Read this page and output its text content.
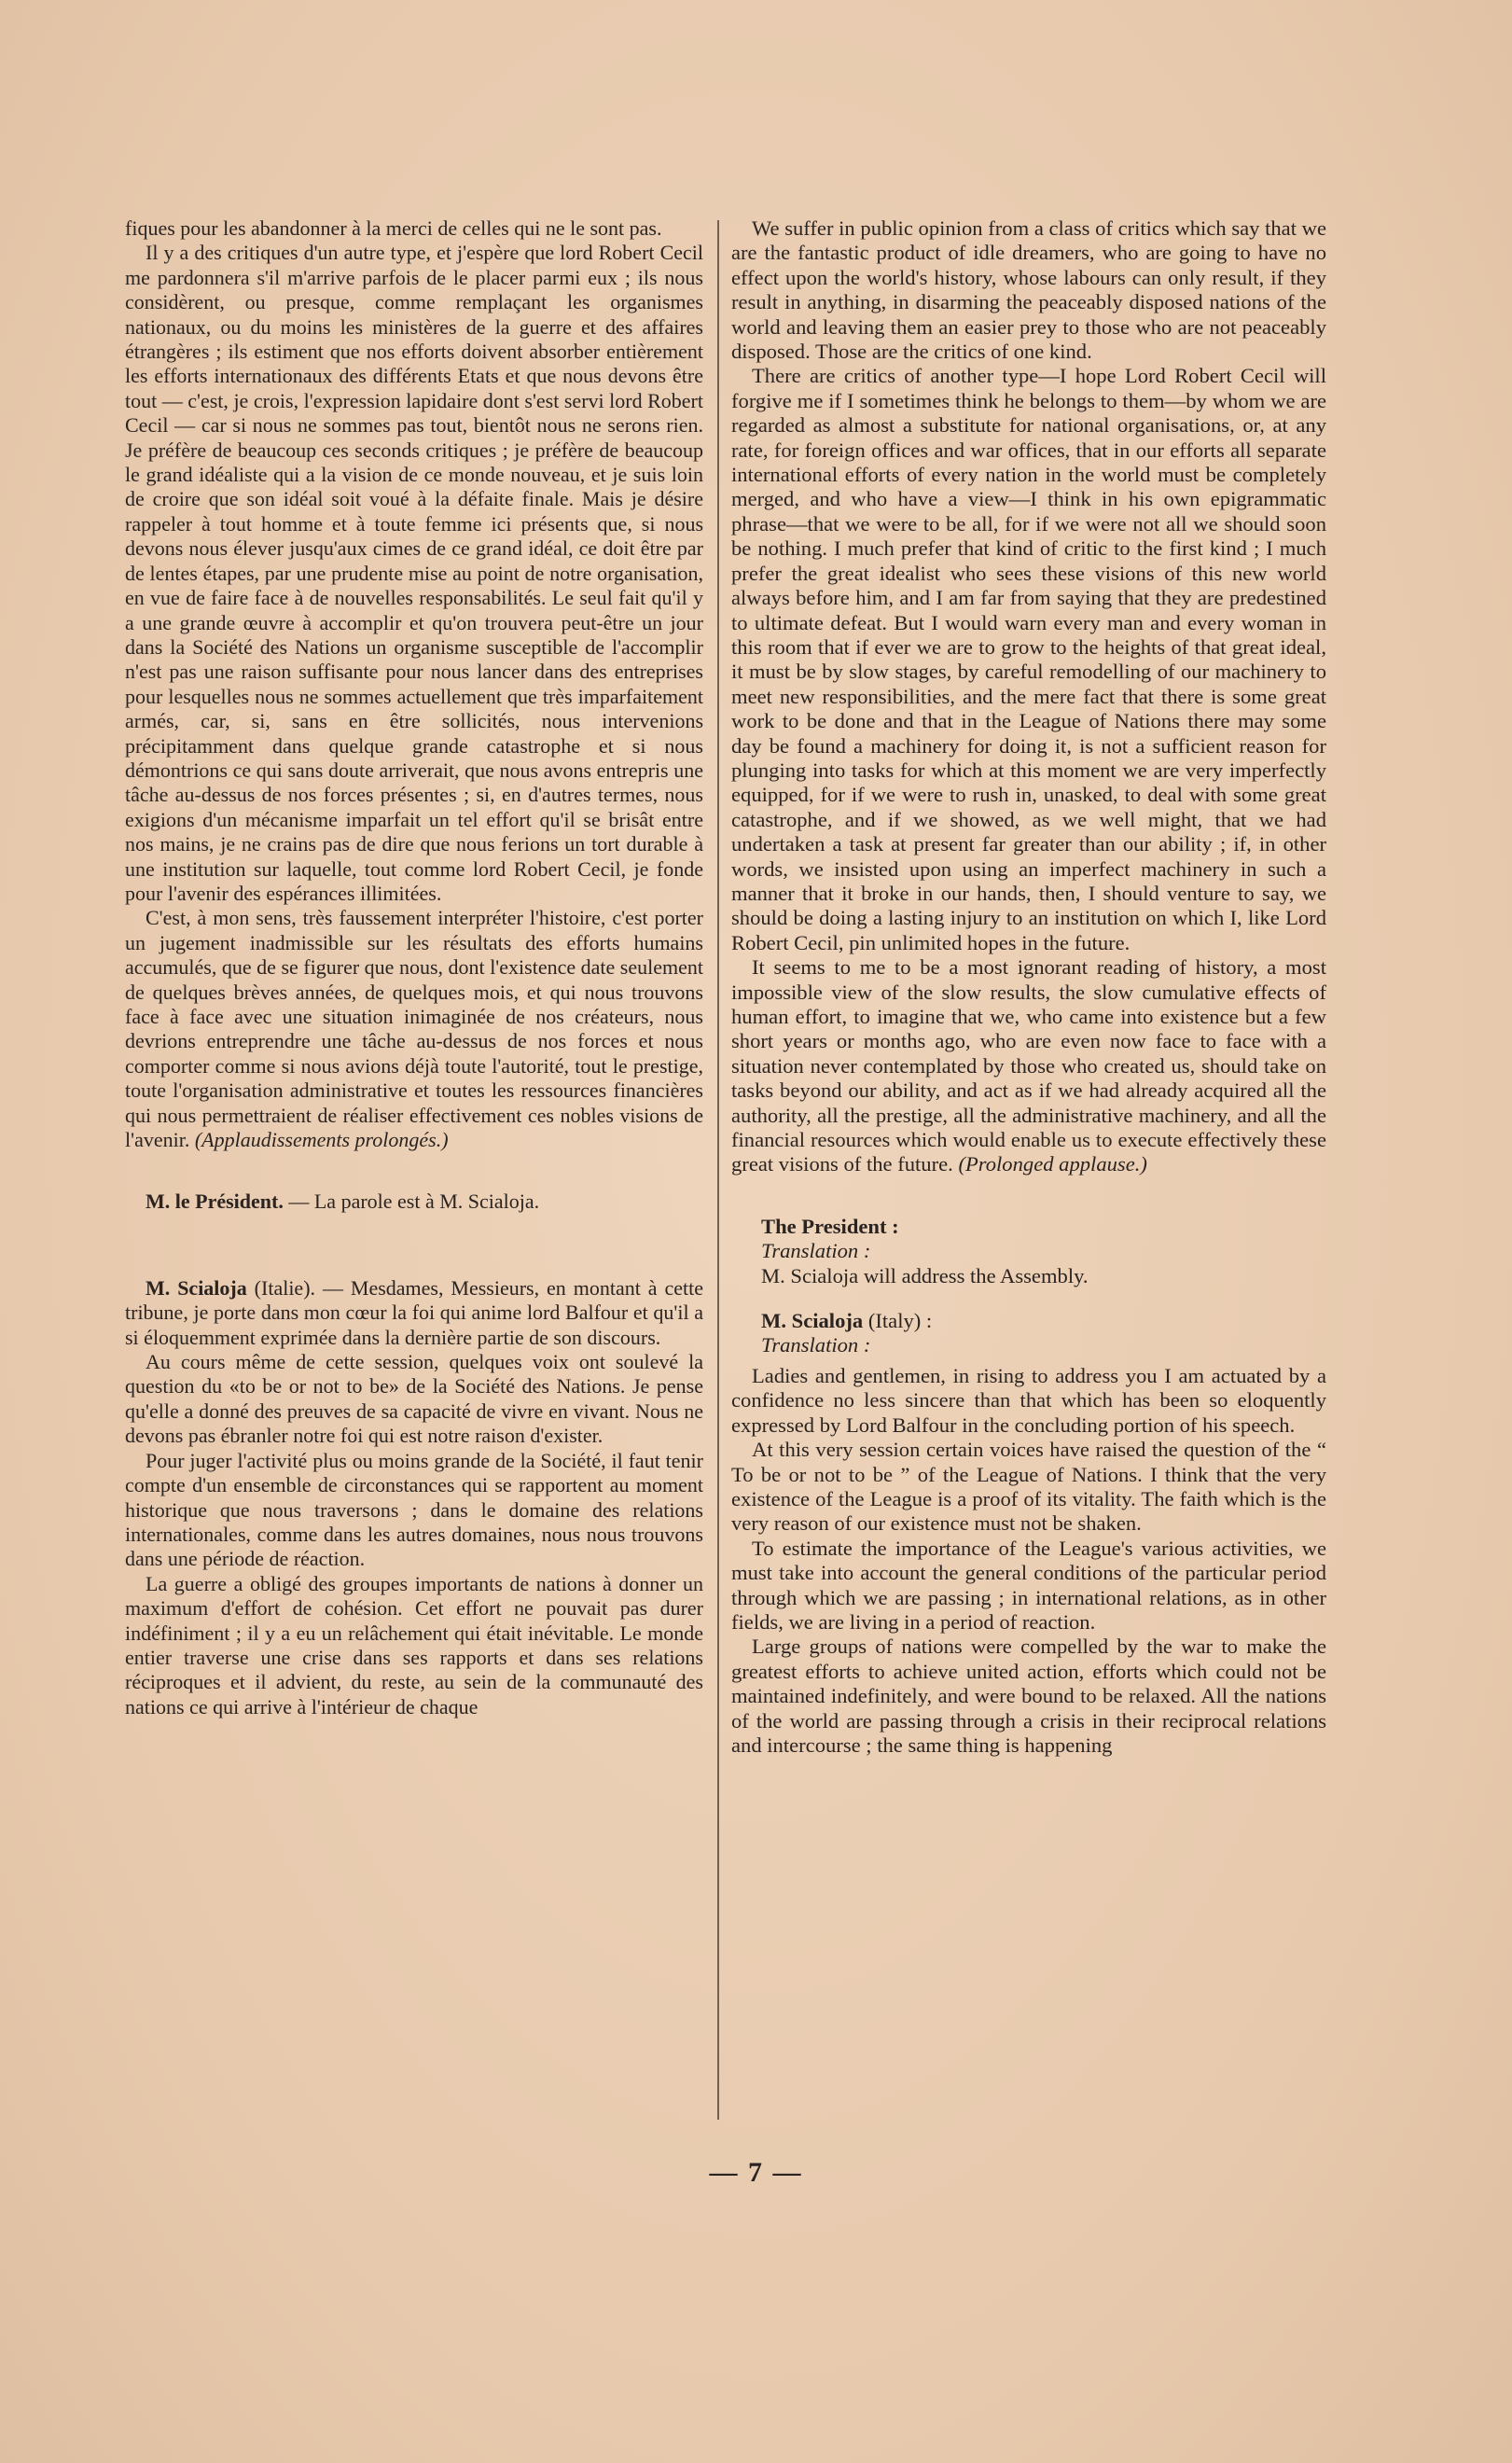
fiques pour les abandonner à la merci de celles qui ne le sont pas.

Il y a des critiques d'un autre type, et j'espère que lord Robert Cecil me pardonnera s'il m'arrive parfois de le placer parmi eux ; ils nous considèrent, ou presque, comme remplaçant les organismes nationaux, ou du moins les ministères de la guerre et des affaires étrangères ; ils estiment que nos efforts doivent absorber entièrement les efforts internationaux des différents Etats et que nous devons être tout — c'est, je crois, l'expression lapidaire dont s'est servi lord Robert Cecil — car si nous ne sommes pas tout, bientôt nous ne serons rien. Je préfère de beaucoup ces seconds critiques ; je préfère de beaucoup le grand idéaliste qui a la vision de ce monde nouveau, et je suis loin de croire que son idéal soit voué à la défaite finale. Mais je désire rappeler à tout homme et à toute femme ici présents que, si nous devons nous élever jusqu'aux cimes de ce grand idéal, ce doit être par de lentes étapes, par une prudente mise au point de notre organisation, en vue de faire face à de nouvelles responsabilités. Le seul fait qu'il y a une grande œuvre à accomplir et qu'on trouvera peut-être un jour dans la Société des Nations un organisme susceptible de l'accomplir n'est pas une raison suffisante pour nous lancer dans des entreprises pour lesquelles nous ne sommes actuellement que très imparfaitement armés, car, si, sans en être sollicités, nous intervenions précipitamment dans quelque grande catastrophe et si nous démontrions ce qui sans doute arriverait, que nous avons entrepris une tâche au-dessus de nos forces présentes ; si, en d'autres termes, nous exigions d'un mécanisme imparfait un tel effort qu'il se brisât entre nos mains, je ne crains pas de dire que nous ferions un tort durable à une institution sur laquelle, tout comme lord Robert Cecil, je fonde pour l'avenir des espérances illimitées.

C'est, à mon sens, très faussement interpréter l'histoire, c'est porter un jugement inadmissible sur les résultats des efforts humains accumulés, que de se figurer que nous, dont l'existence date seulement de quelques brèves années, de quelques mois, et qui nous trouvons face à face avec une situation inimaginée de nos créateurs, nous devrions entreprendre une tâche au-dessus de nos forces et nous comporter comme si nous avions déjà toute l'autorité, tout le prestige, toute l'organisation administrative et toutes les ressources financières qui nous permettraient de réaliser effectivement ces nobles visions de l'avenir. (Applaudissements prolongés.)

M. le Président. — La parole est à M. Scialoja.

M. Scialoja (Italie). — Mesdames, Messieurs, en montant à cette tribune, je porte dans mon cœur la foi qui anime lord Balfour et qu'il a si éloquemment exprimée dans la dernière partie de son discours.

Au cours même de cette session, quelques voix ont soulevé la question du «to be or not to be» de la Société des Nations. Je pense qu'elle a donné des preuves de sa capacité de vivre en vivant. Nous ne devons pas ébranler notre foi qui est notre raison d'exister.

Pour juger l'activité plus ou moins grande de la Société, il faut tenir compte d'un ensemble de circonstances qui se rapportent au moment historique que nous traversons ; dans le domaine des relations internationales, comme dans les autres domaines, nous nous trouvons dans une période de réaction.

La guerre a obligé des groupes importants de nations à donner un maximum d'effort de cohésion. Cet effort ne pouvait pas durer indéfiniment ; il y a eu un relâchement qui était inévitable. Le monde entier traverse une crise dans ses rapports et dans ses relations réciproques et il advient, du reste, au sein de la communauté des nations ce qui arrive à l'intérieur de chaque

We suffer in public opinion from a class of critics which say that we are the fantastic product of idle dreamers, who are going to have no effect upon the world's history, whose labours can only result, if they result in anything, in disarming the peaceably disposed nations of the world and leaving them an easier prey to those who are not peaceably disposed. Those are the critics of one kind.

There are critics of another type—I hope Lord Robert Cecil will forgive me if I sometimes think he belongs to them—by whom we are regarded as almost a substitute for national organisations, or, at any rate, for foreign offices and war offices, that in our efforts all separate international efforts of every nation in the world must be completely merged, and who have a view—I think in his own epigrammatic phrase—that we were to be all, for if we were not all we should soon be nothing. I much prefer that kind of critic to the first kind ; I much prefer the great idealist who sees these visions of this new world always before him, and I am far from saying that they are predestined to ultimate defeat. But I would warn every man and every woman in this room that if ever we are to grow to the heights of that great ideal, it must be by slow stages, by careful remodelling of our machinery to meet new responsibilities, and the mere fact that there is some great work to be done and that in the League of Nations there may some day be found a machinery for doing it, is not a sufficient reason for plunging into tasks for which at this moment we are very imperfectly equipped, for if we were to rush in, unasked, to deal with some great catastrophe, and if we showed, as we well might, that we had undertaken a task at present far greater than our ability ; if, in other words, we insisted upon using an imperfect machinery in such a manner that it broke in our hands, then, I should venture to say, we should be doing a lasting injury to an institution on which I, like Lord Robert Cecil, pin unlimited hopes in the future.

It seems to me to be a most ignorant reading of history, a most impossible view of the slow results, the slow cumulative effects of human effort, to imagine that we, who came into existence but a few short years or months ago, who are even now face to face with a situation never contemplated by those who created us, should take on tasks beyond our ability, and act as if we had already acquired all the authority, all the prestige, all the administrative machinery, and all the financial resources which would enable us to execute effectively these great visions of the future. (Prolonged applause.)

The President :
Translation :
M. Scialoja will address the Assembly.
M. Scialoja (Italy) :
Translation :

Ladies and gentlemen, in rising to address you I am actuated by a confidence no less sincere than that which has been so eloquently expressed by Lord Balfour in the concluding portion of his speech.

At this very session certain voices have raised the question of the “ To be or not to be ” of the League of Nations. I think that the very existence of the League is a proof of its vitality. The faith which is the very reason of our existence must not be shaken.

To estimate the importance of the League's various activities, we must take into account the general conditions of the particular period through which we are passing ; in international relations, as in other fields, we are living in a period of reaction.

Large groups of nations were compelled by the war to make the greatest efforts to achieve united action, efforts which could not be maintained indefinitely, and were bound to be relaxed. All the nations of the world are passing through a crisis in their reciprocal relations and intercourse ; the same thing is happening

— 7 —
